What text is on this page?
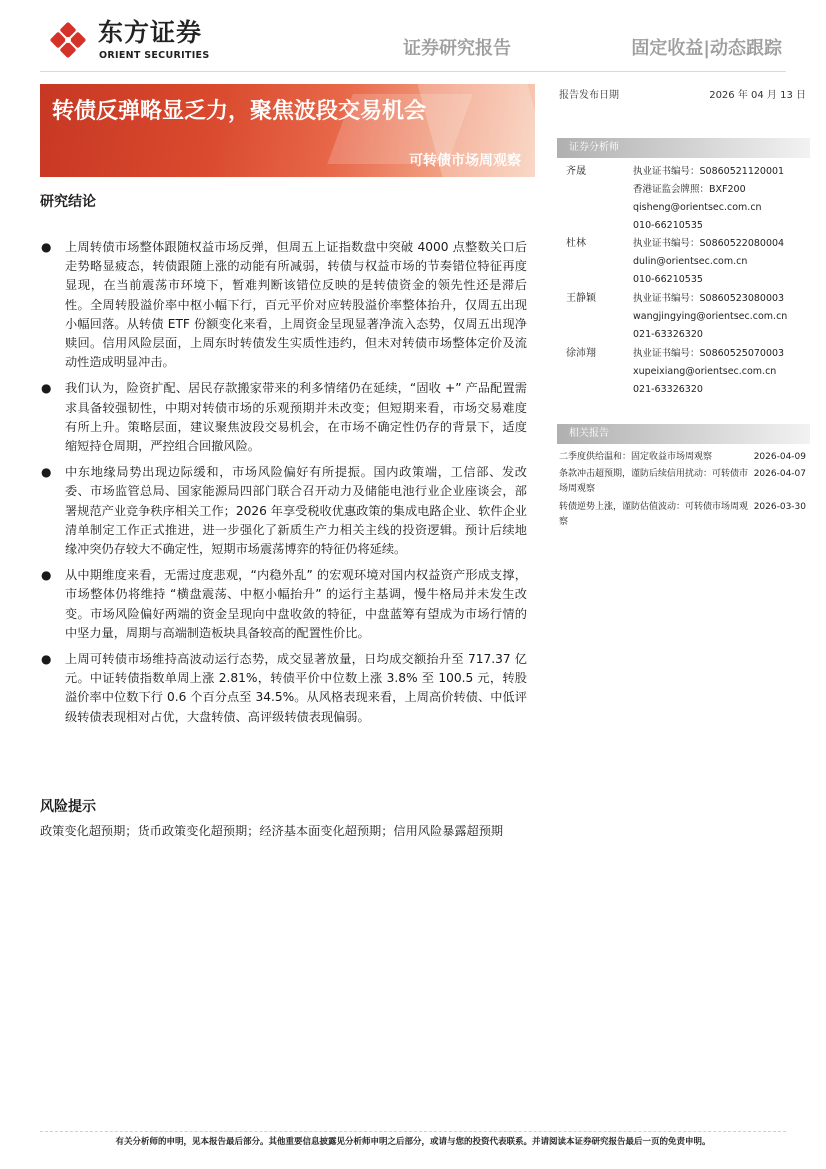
东方证券
ORIENT SECURITIES	证券研究报告	固定收益|动态跟踪
转债反弹略显乏力，聚焦波段交易机会
可转债市场周观察
报告发布日期	2026 年 04 月 13 日
证券分析师
齐晟	执业证书编号：S0860521120001
香港证监会牌照：BXF200
qisheng@orientsec.com.cn
010-66210535
杜林	执业证书编号：S0860522080004
dulin@orientsec.com.cn
010-66210535
王静颖	执业证书编号：S0860523080003
wangjingying@orientsec.com.cn
021-63326320
徐沛翔	执业证书编号：S0860525070003
xupeixiang@orientsec.com.cn
021-63326320
相关报告
二季度供给温和：固定收益市场周观察	2026-04-09
条款冲击超预期，谨防后续信用扰动：可转债市场周观察
2026-04-07
转债逆势上涨，谨防估值波动：可转债市场周观察
2026-03-30
研究结论
● 上周转债市场整体跟随权益市场反弹，但周五上证指数盘中突破 4000 点整数关口后走势略显疲态，转债跟随上涨的动能有所减弱，转债与权益市场的节奏错位特征再度显现，在当前震荡市环境下，暂难判断该错位反映的是转债资金的领先性还是滞后性。全周转股溢价率中枢小幅下行，百元平价对应转股溢价率整体抬升，仅周五出现小幅回落。从转债 ETF 份额变化来看，上周资金呈现显著净流入态势，仅周五出现净赎回。信用风险层面，上周东时转债发生实质性违约，但未对转债市场整体定价及流动性造成明显冲击。
● 我们认为，险资扩配、居民存款搬家带来的利多情绪仍在延续，“固收 +” 产品配置需求具备较强韧性，中期对转债市场的乐观预期并未改变；但短期来看，市场交易难度有所上升。策略层面，建议聚焦波段交易机会，在市场不确定性仍存的背景下，适度缩短持仓周期，严控组合回撤风险。
● 中东地缘局势出现边际缓和，市场风险偏好有所提振。国内政策端，工信部、发改委、市场监管总局、国家能源局四部门联合召开动力及储能电池行业企业座谈会，部署规范产业竞争秩序相关工作；2026 年享受税收优惠政策的集成电路企业、软件企业清单制定工作正式推进，进一步强化了新质生产力相关主线的投资逻辑。预计后续地缘冲突仍存较大不确定性，短期市场震荡博弈的特征仍将延续。
● 从中期维度来看，无需过度悲观，“内稳外乱” 的宏观环境对国内权益资产形成支撑，市场整体仍将维持 “横盘震荡、中枢小幅抬升” 的运行主基调，慢牛格局并未发生改变。市场风险偏好两端的资金呈现向中盘收敛的特征，中盘蓝筹有望成为市场行情的中坚力量，周期与高端制造板块具备较高的配置性价比。
● 上周可转债市场维持高波动运行态势，成交显著放量，日均成交额抬升至 717.37 亿元。中证转债指数单周上涨 2.81%，转债平价中位数上涨 3.8% 至 100.5 元，转股溢价率中位数下行 0.6 个百分点至 34.5%。从风格表现来看，上周高价转债、中低评级转债表现相对占优，大盘转债、高评级转债表现偏弱。
风险提示
政策变化超预期；货币政策变化超预期；经济基本面变化超预期；信用风险暴露超预期
有关分析师的申明，见本报告最后部分。其他重要信息披露见分析师申明之后部分，或请与您的投资代表联系。并请阅读本证券研究报告最后一页的免责申明。
